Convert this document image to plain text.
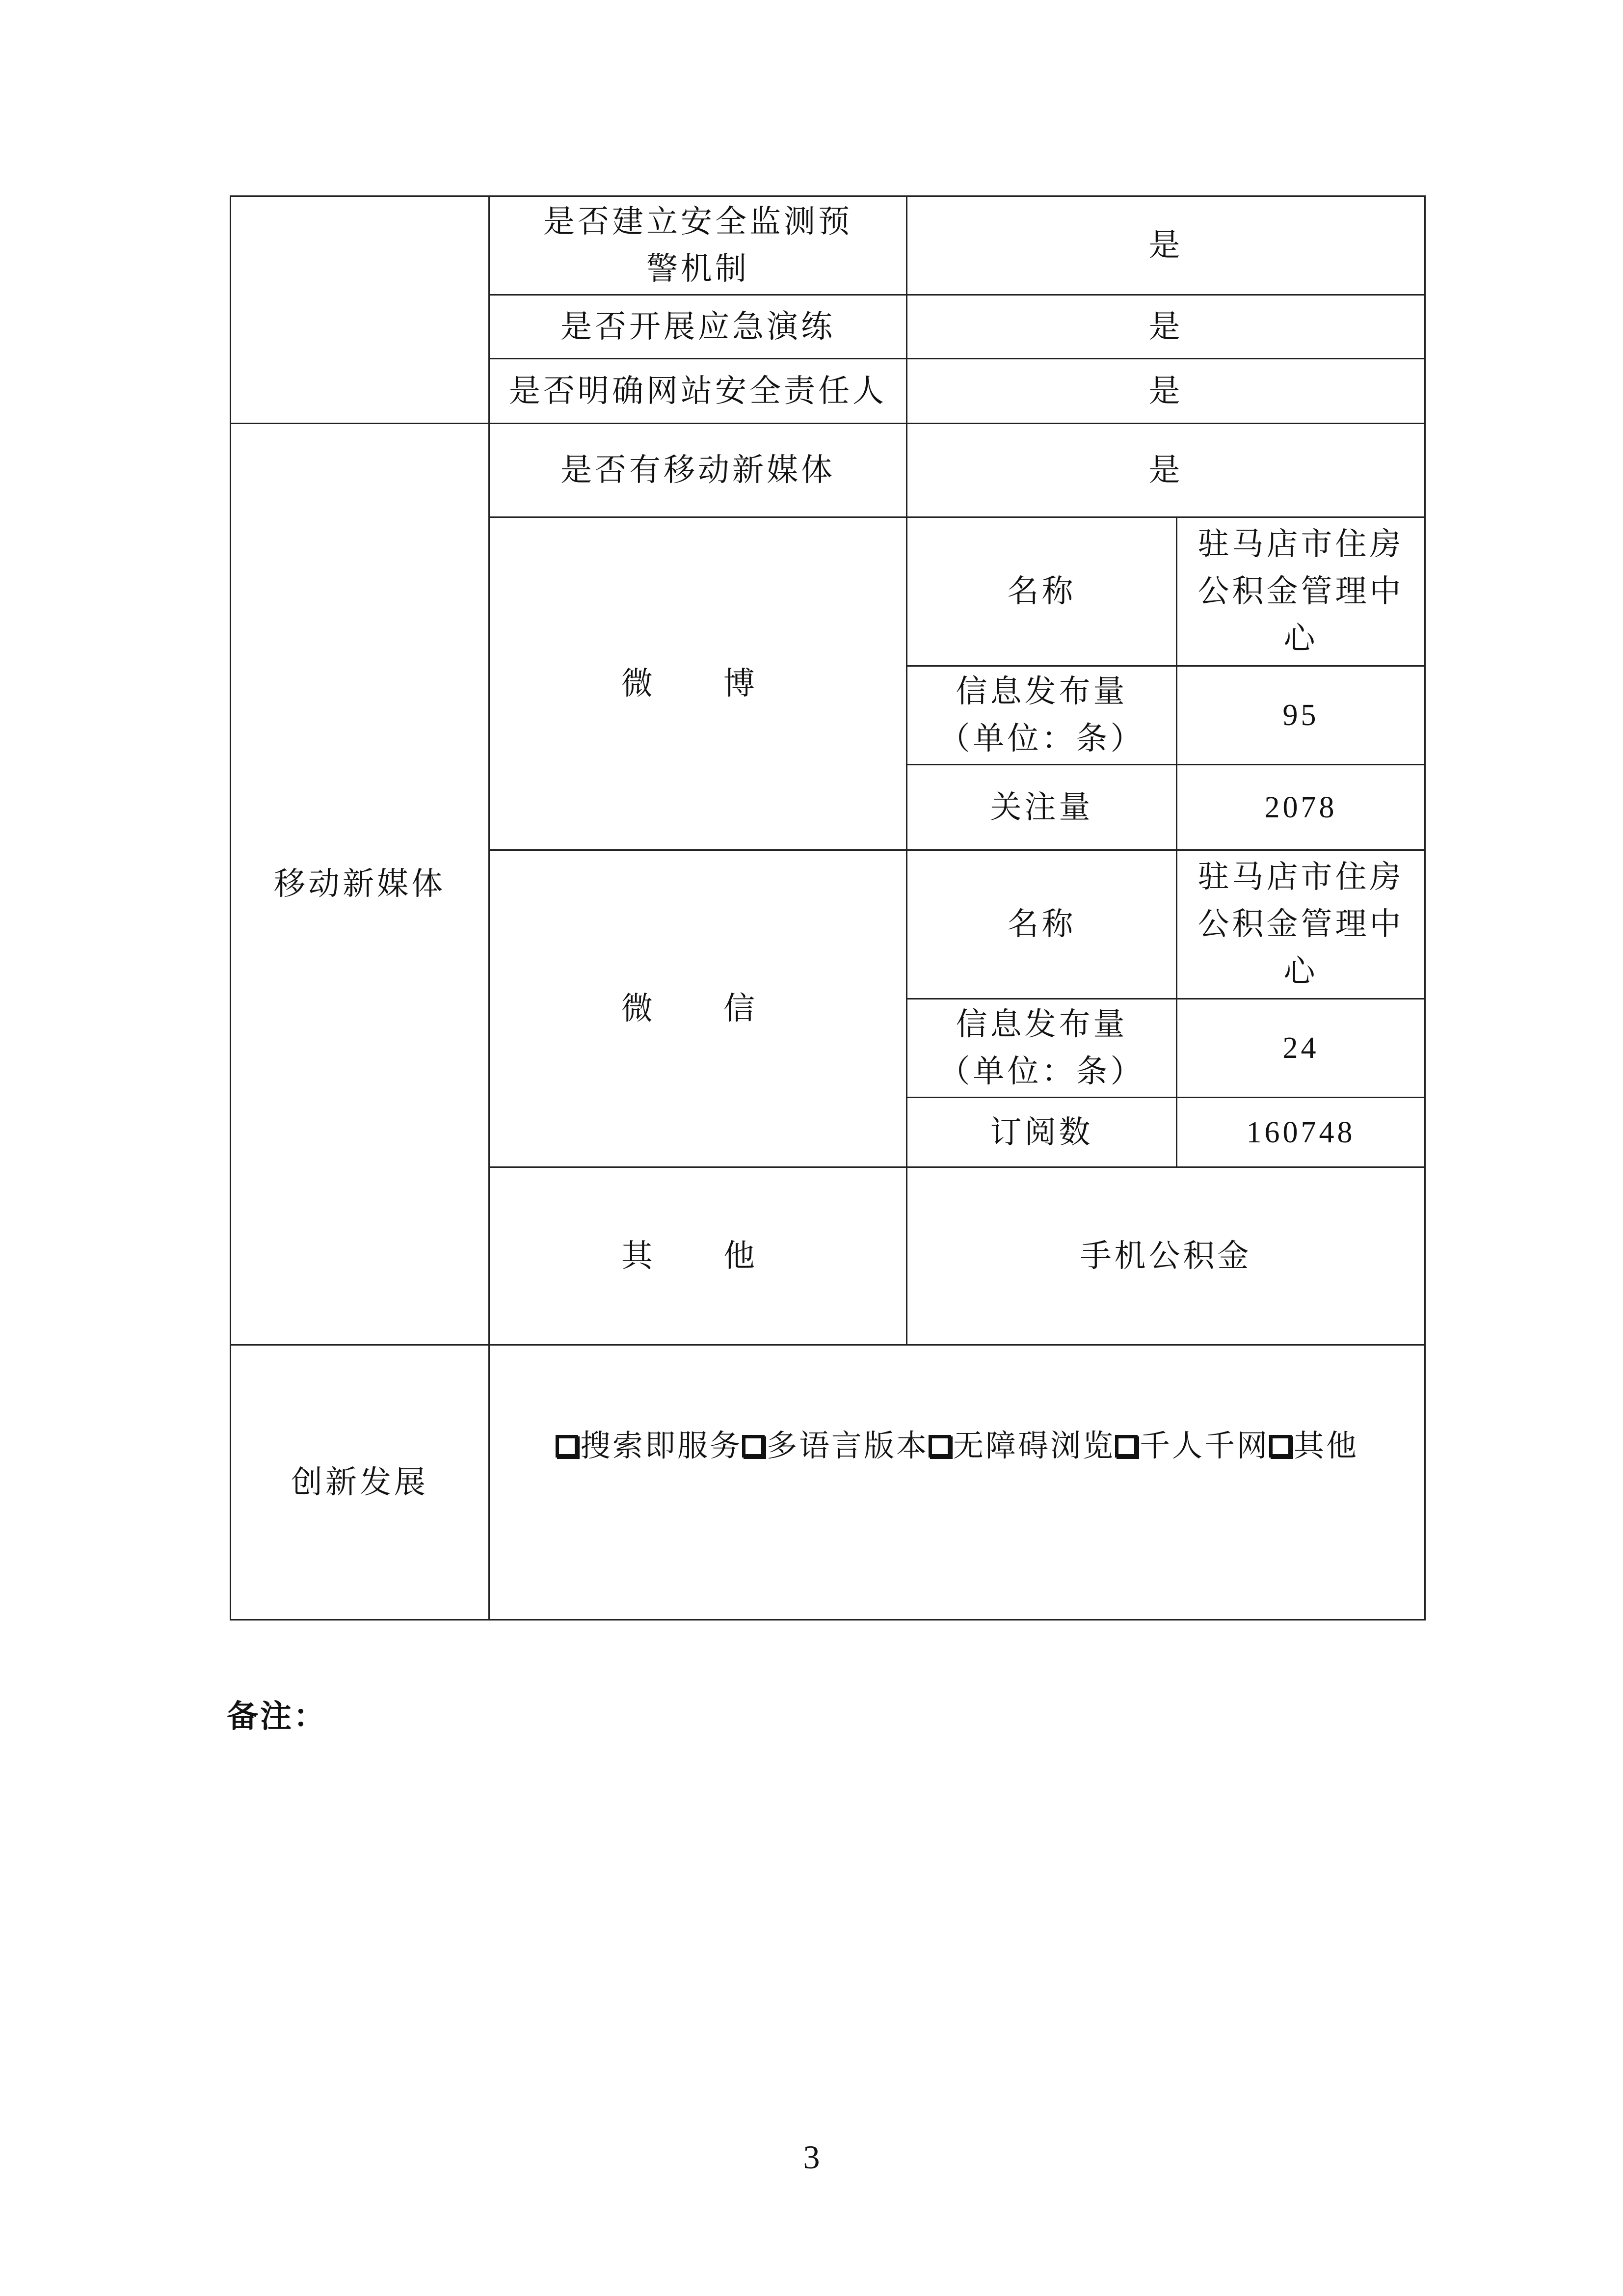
	是否建立安全监测预警机制	是	
	是否开展应急演练	是	
	是否明确网站安全责任人	是	
移动新媒体	是否有移动新媒体	是	
	微　博	名称	驻马店市住房公积金管理中心
		信息发布量（单位：条）	95
		关注量	2078
	微　信	名称	驻马店市住房公积金管理中心
		信息发布量（单位：条）	24
		订阅数	160748
	其　他	手机公积金	
创新发展	搜索即服务 多语言版本 无障碍浏览 千人千网 其他		
备注：
3
